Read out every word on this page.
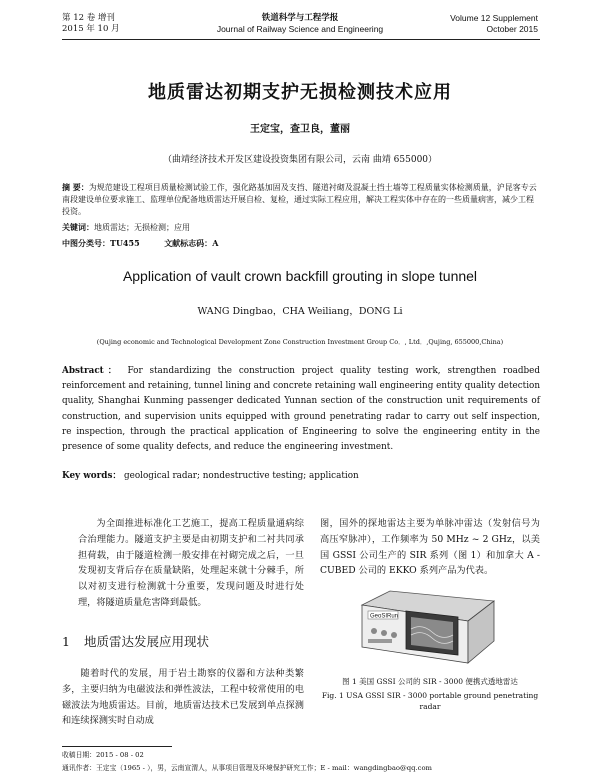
第 12 卷 增刊
2015 年 10 月
铁道科学与工程学报
Journal of Railway Science and Engineering
Volume 12 Supplement
October 2015
地质雷达初期支护无损检测技术应用
王定宝，查卫良，董丽
（曲靖经济技术开发区建设投资集团有限公司，云南 曲靖 655000）
摘 要：为规范建设工程项目质量检测试验工作，强化路基加固及支挡、隧道衬砌及混凝土挡土墙等工程质量实体检测质量，沪昆客专云南段建设单位要求施工、监理单位配备地质雷达开展自检、复检，通过实际工程应用，解决工程实体中存在的一些质量病害，减少工程投资。
关键词：地质雷达；无损检测；应用
中图分类号：TU455	文献标志码：A
Application of vault crown backfill grouting in slope tunnel
WANG Dingbao，CHA Weiliang，DONG Li
(Qujing economic and Technological Development Zone Construction Investment Group Co．, Ltd．,Qujing, 655000,China)
Abstract： For standardizing the construction project quality testing work, strengthen roadbed reinforcement and retaining, tunnel lining and concrete retaining wall engineering entity quality detection quality, Shanghai Kunming passenger dedicated Yunnan section of the construction unit requirements of construction, and supervision units equipped with ground penetrating radar to carry out self inspection, re inspection, through the practical application of Engineering to solve the engineering entity in the presence of some quality defects, and reduce the engineering investment.
Key words： geological radar; nondestructive testing; application
为全面推进标准化工艺施工，提高工程质量通病综合治理能力。隧道支护主要是由初期支护和二衬共同承担荷载，由于隧道检测一般安排在衬砌完成之后，一旦发现初支背后存在质量缺陷，处理起来就十分棘手，所以对初支进行检测就十分重要，发现问题及时进行处理，将隧道质量危害降到最低。
1 地质雷达发展应用现状
随着时代的发展，用于岩土勘察的仪器和方法种类繁多，主要归纳为电磁波法和弹性波法，工程中较常使用的电磁波法为地质雷达。目前，地质雷达技术已发展到单点探测和连续探测实时自动成
图，国外的探地雷达主要为单脉冲雷达（发射信号为高压窄脉冲），工作频率为 50 MHz ~ 2 GHz，以美国 GSSI 公司生产的 SIR 系列（图 1）和加拿大 A - CUBED 公司的 EKKO 系列产品为代表。
GeoSIRun
图 1 美国 GSSI 公司的 SIR - 3000 便携式透地雷达
Fig. 1 USA GSSI SIR - 3000 portable ground penetrating radar
收稿日期：2015 - 08 - 02
通讯作者：王定宝（1965 - ），男，云南宣渭人，从事项目管理及环境保护研究工作；E - mail：wangdingbao@qq.com
